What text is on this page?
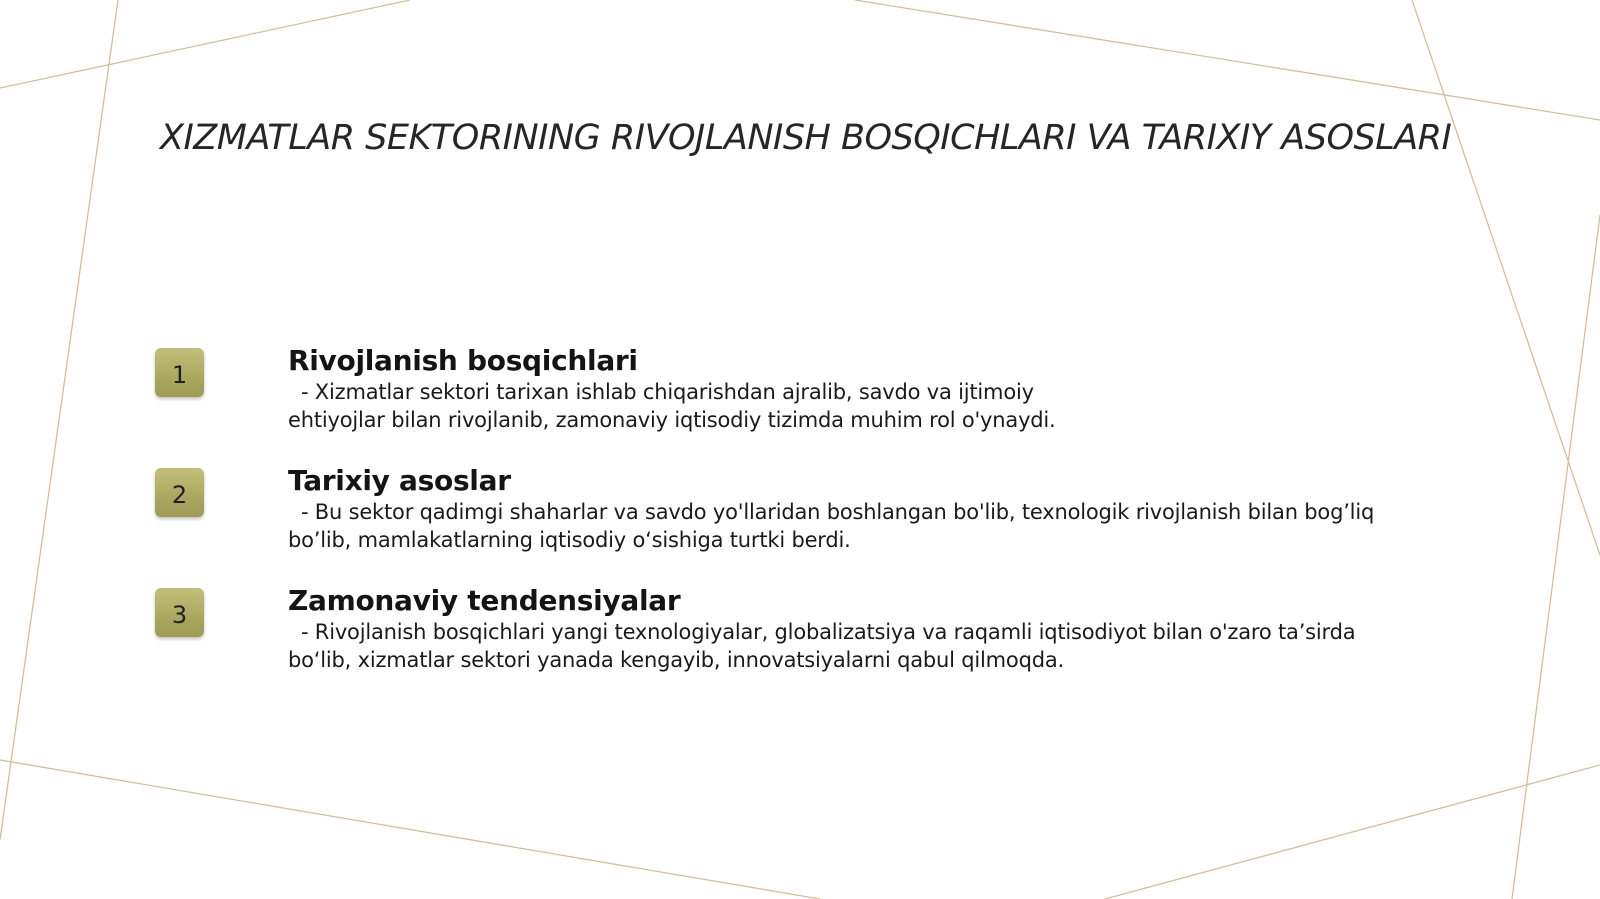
XIZMATLAR SEKTORINING RIVOJLANISH BOSQICHLARI VA TARIXIY ASOSLARI
1	Rivojlanish bosqichlari

- Xizmatlar sektori tarixan ishlab chiqarishdan ajralib, savdo va ijtimoiy

ehtiyojlar bilan rivojlanib, zamonaviy iqtisodiy tizimda muhim rol o'ynaydi.

2	Tarixiy asoslar

- Bu sektor qadimgi shaharlar va savdo yo'llaridan boshlangan bo'lib, texnologik rivojlanish bilan bog’liq

bo’lib, mamlakatlarning iqtisodiy o‘sishiga turtki berdi.

3	Zamonaviy tendensiyalar

- Rivojlanish bosqichlari yangi texnologiyalar, globalizatsiya va raqamli iqtisodiyot bilan o'zaro ta’sirda

bo‘lib, xizmatlar sektori yanada kengayib, innovatsiyalarni qabul qilmoqda.
